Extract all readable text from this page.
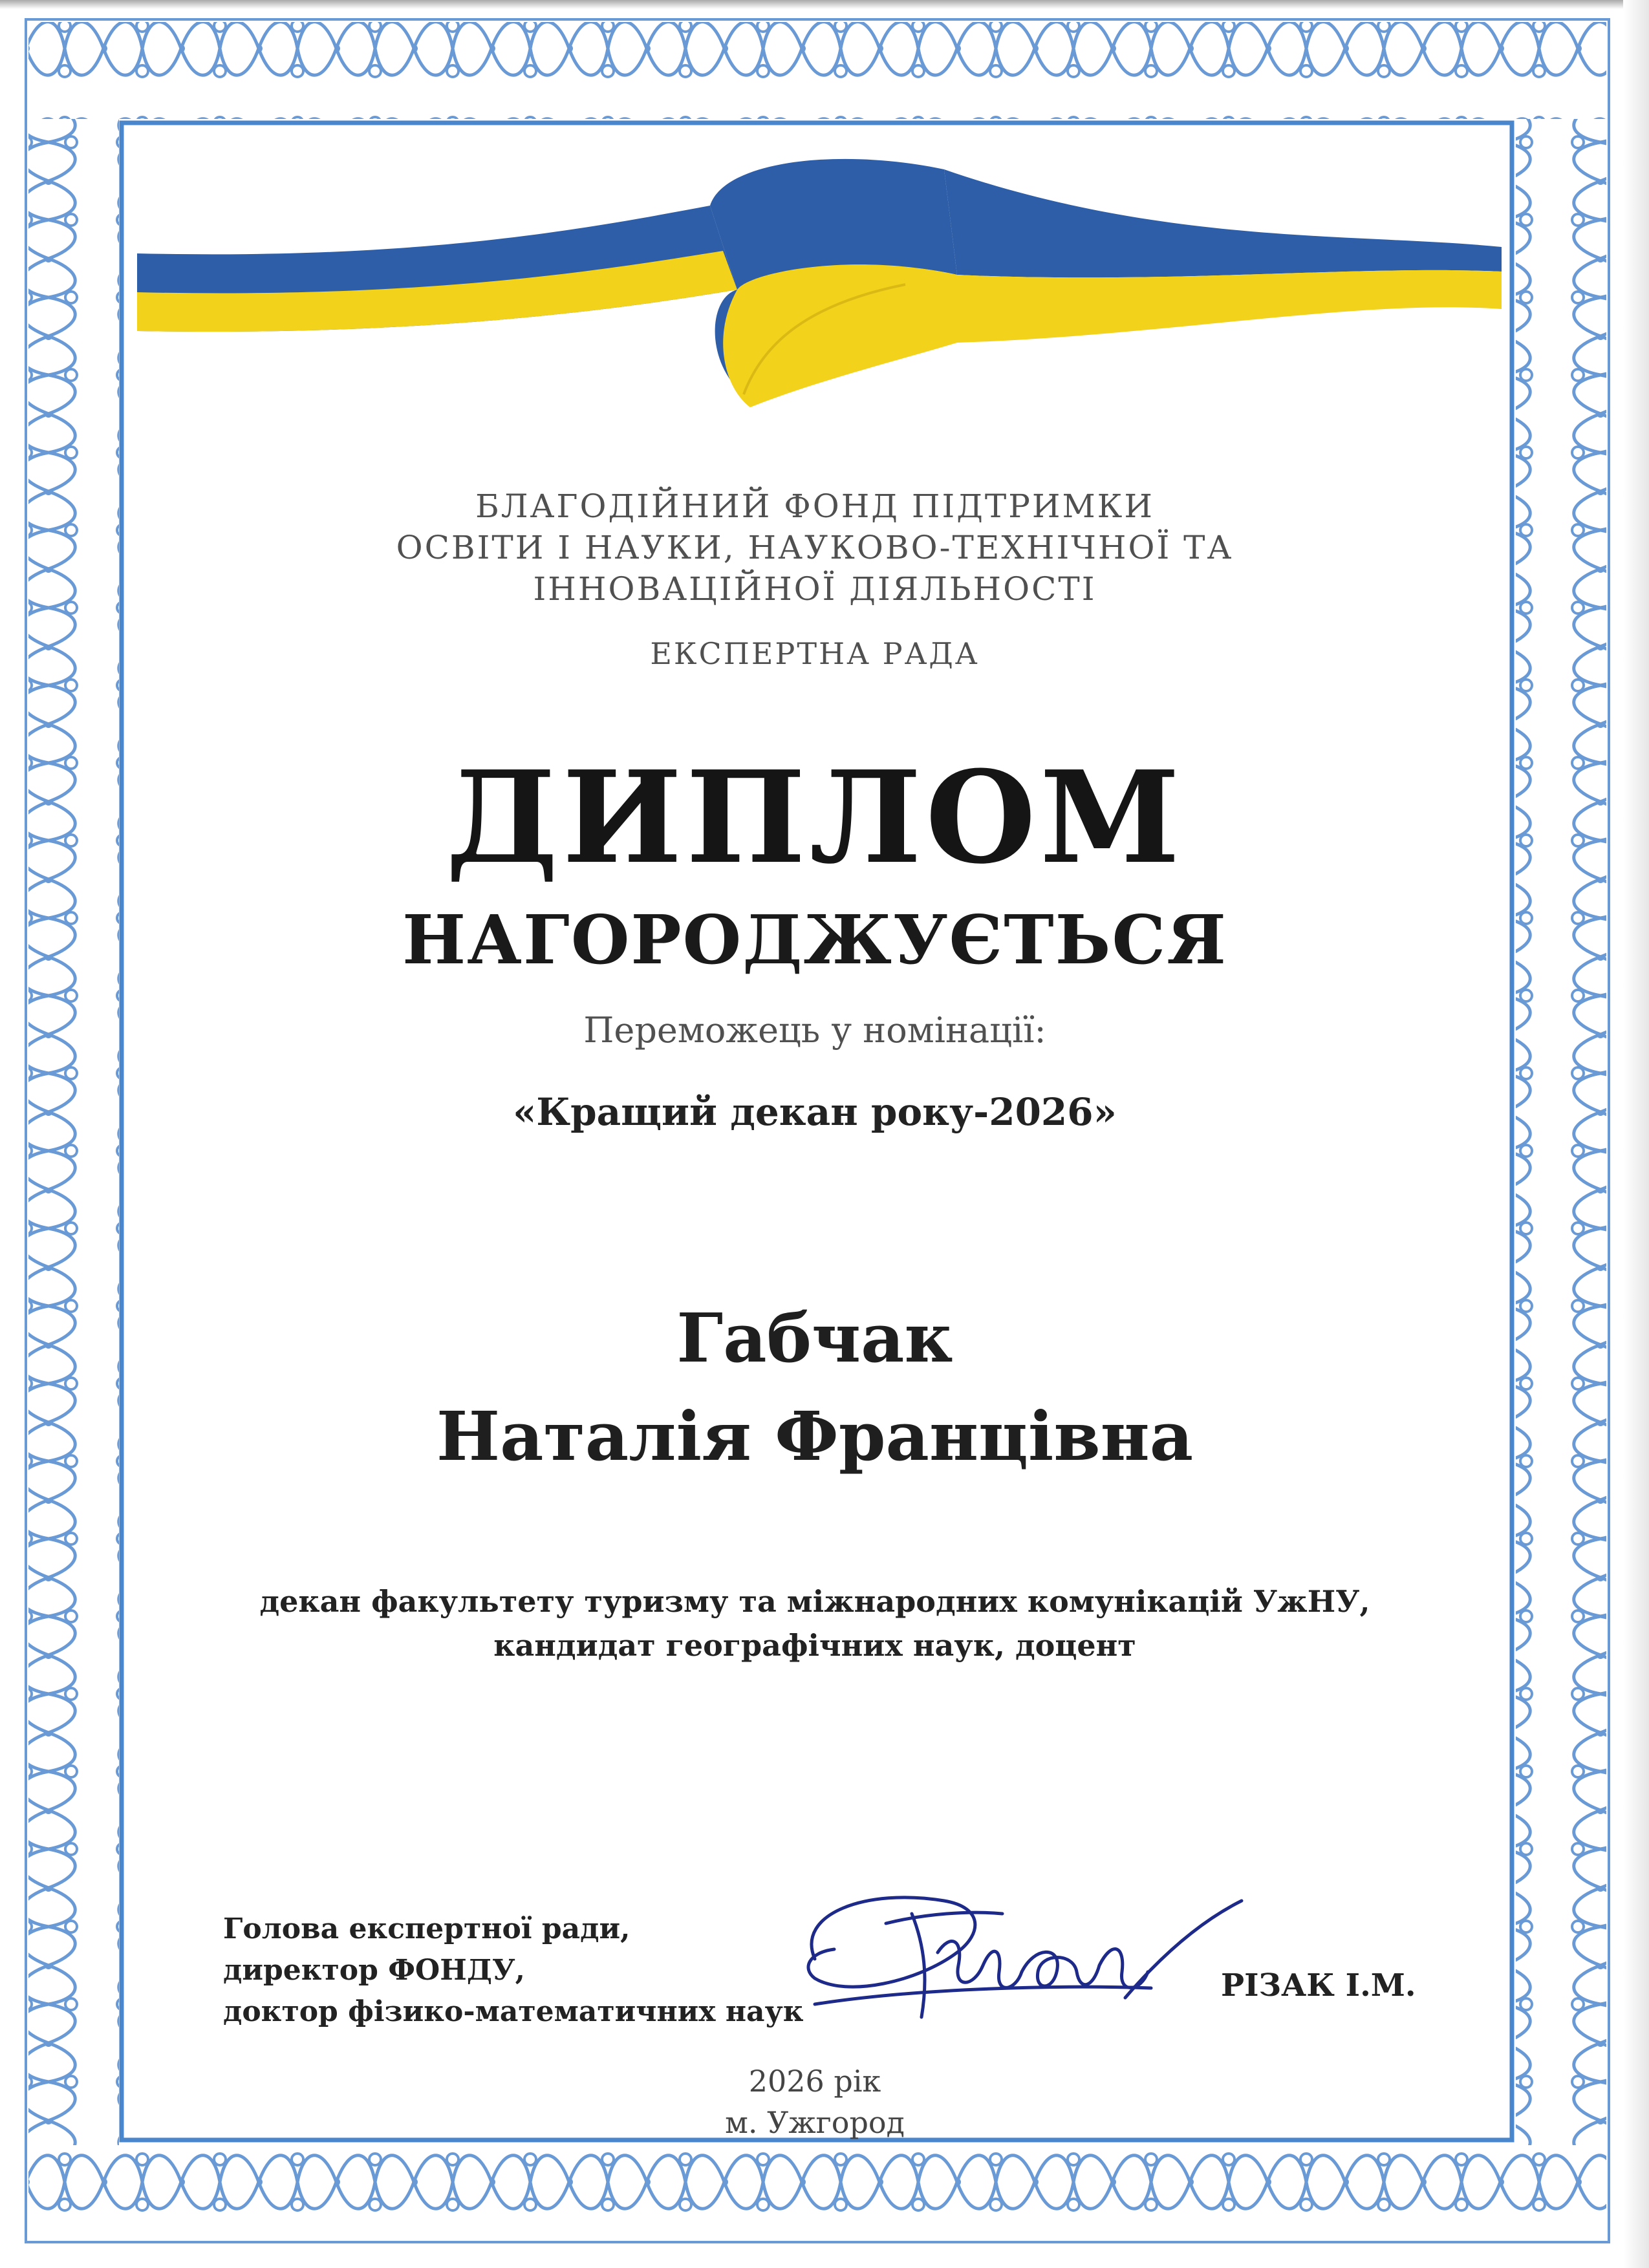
БЛАГОДІЙНИЙ ФОНД ПІДТРИМКИ
ОСВІТИ І НАУКИ, НАУКОВО-ТЕХНІЧНОЇ ТА
ІННОВАЦІЙНОЇ ДІЯЛЬНОСТІ
ЕКСПЕРТНА РАДА
ДИПЛОМ
НАГОРОДЖУЄТЬСЯ
Переможець у номінації:
«Кращий декан року-2026»
Габчак
Наталія Францівна
декан факультету туризму та міжнародних комунікацій УжНУ,
кандидат географічних наук, доцент
Голова експертної ради,
директор ФОНДУ,
доктор фізико-математичних наук
РІЗАК І.М.
2026 рік
м. Ужгород
